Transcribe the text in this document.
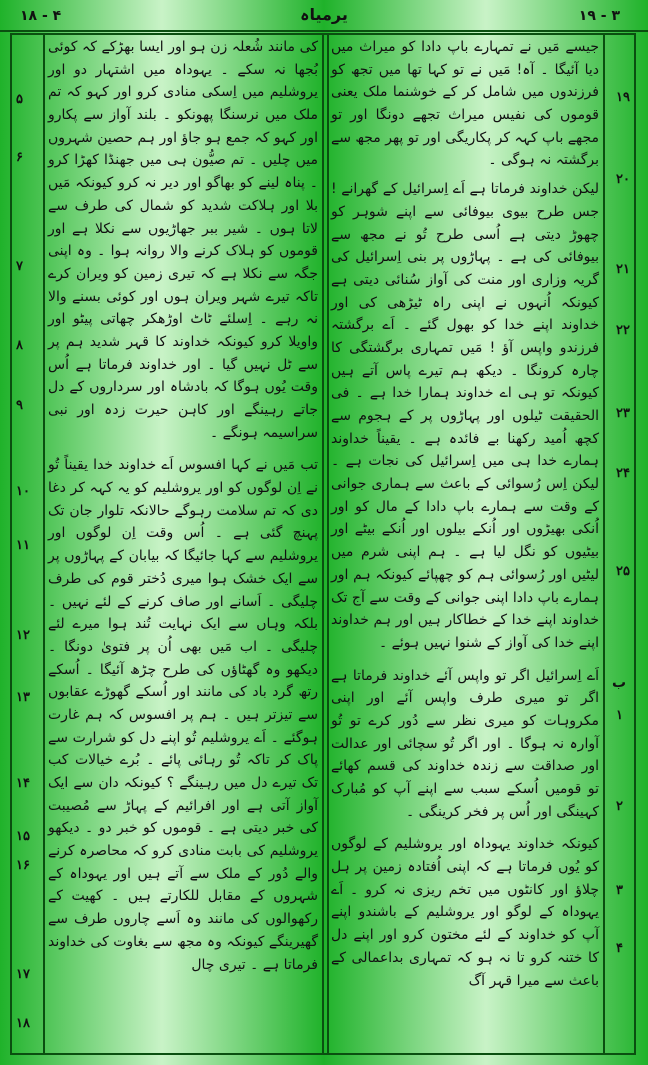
۱۸ - ۴	یرمیاہ	۱۹ - ۳

جیسے مَیں نے تمہارے باپ دادا کو میراث میں دیا آئیگا ۔ آہ! مَیں نے تو کہا تھا میں تجھ کو فرزندوں میں شامل کر کے خوشنما ملک یعنی قوموں کی نفیس میراث تجھے دونگا اور تو مجھے باپ کہہ کر پکاریگی اور تو پھر مجھ سے برگشتہ نہ ہوگی ۔

لیکن خداوند فرماتا ہے اَے اِسرائیل کے گھرانے ! جس طرح بیوی بیوفائی سے اپنے شوہر کو چھوڑ دیتی ہے اُسی طرح تُو نے مجھ سے بیوفائی کی ہے ۔ پہاڑوں پر بنی اِسرائیل کی گریہ وزاری اور منت کی آواز سُنائی دیتی ہے کیونکہ اُنہوں نے اپنی راہ ٹیڑھی کی اور خداوند اپنے خدا کو بھول گئے ۔ اَے برگشتہ فرزندو واپس آؤ ! مَیں تمہاری برگشتگی کا چارہ کرونگا ۔ دیکھ ہم تیرے پاس آتے ہیں کیونکہ تو ہی اے خداوند ہمارا خدا ہے ۔ فی الحقیقت ٹیلوں اور پہاڑوں پر کے ہجوم سے کچھ اُمید رکھنا بے فائدہ ہے ۔ یقیناً خداوند ہمارے خدا ہی میں اِسرائیل کی نجات ہے ۔ لیکن اِس رُسوائی کے باعث سے ہماری جوانی کے وقت سے ہمارے باپ دادا کے مال کو اور اُنکی بھیڑوں اور اُنکے بیلوں اور اُنکے بیٹے اور بیٹیوں کو نگل لیا ہے ۔ ہم اپنی شرم میں لیٹیں اور رُسوائی ہم کو چھپائے کیونکہ ہم اور ہمارے باپ دادا اپنی جوانی کے وقت سے آج تک خداوند اپنے خدا کے خطاکار ہیں اور ہم خداوند اپنے خدا کی آواز کے شنوا نہیں ہوئے ۔

اَے اِسرائیل اگر تو واپس آئے خداوند فرماتا ہے اگر تو میری طرف واپس آئے اور اپنی مکروہات کو میری نظر سے دُور کرے تو تُو آوارہ نہ ہوگا ۔ اور اگر تُو سچائی اور عدالت اور صداقت سے زندہ خداوند کی قسم کھائے تو قومیں اُسکے سبب سے اپنے آپ کو مُبارک کہینگی اور اُس پر فخر کرینگی ۔

کیونکہ خداوند یہوداہ اور یروشلیم کے لوگوں کو یُوں فرماتا ہے کہ اپنی اُفتادہ زمین پر ہل چلاؤ اور کانٹوں میں تخم ریزی نہ کرو ۔ اَے یہوداہ کے لوگو اور یروشلیم کے باشندو اپنے آپ کو خداوند کے لئے مختون کرو اور اپنے دل کا ختنہ کرو تا نہ ہو کہ تمہاری بداعمالی کے باعث سے میرا قہر آگ

کی مانند شُعلہ زن ہو اور ایسا بھڑکے کہ کوئی بُجھا نہ سکے ۔ یہوداہ میں اشتہار دو اور یروشلیم میں اِسکی منادی کرو اور کہو کہ تم ملک میں نرسنگا پھونکو ۔ بلند آواز سے پکارو اور کہو کہ جمع ہو جاؤ اور ہم حصین شہروں میں چلیں ۔ تم صیُّون ہی میں جھنڈا کھڑا کرو ۔ پناہ لینے کو بھاگو اور دیر نہ کرو کیونکہ مَیں بلا اور ہلاکت شدید کو شمال کی طرف سے لاتا ہوں ۔ شیر ببر جھاڑیوں سے نکلا ہے اور قوموں کو ہلاک کرنے والا روانہ ہوا ۔ وہ اپنی جگہ سے نکلا ہے کہ تیری زمین کو ویران کرے تاکہ تیرے شہر ویران ہوں اور کوئی بسنے والا نہ رہے ۔ اِسلئے ٹاٹ اوڑھکر چھاتی پیٹو اور واویلا کرو کیونکہ خداوند کا قہر شدید ہم پر سے ٹل نہیں گیا ۔ اور خداوند فرماتا ہے اُس وقت یُوں ہوگا کہ بادشاہ اور سرداروں کے دل جاتے رہینگے اور کاہن حیرت زدہ اور نبی سراسیمہ ہونگے ۔

تب مَیں نے کہا افسوس اَے خداوند خدا یقیناً تُو نے اِن لوگوں کو اور یروشلیم کو یہ کہہ کر دغا دی کہ تم سلامت رہوگے حالانکہ تلوار جان تک پہنچ گئی ہے ۔ اُس وقت اِن لوگوں اور یروشلیم سے کہا جائیگا کہ بیابان کے پہاڑوں پر سے ایک خشک ہوا میری دُختر قوم کی طرف چلیگی ۔ اَسانے اور صاف کرنے کے لئے نہیں ۔ بلکہ وہاں سے ایک نہایت تُند ہوا میرے لئے چلیگی ۔ اب مَیں بھی اُن پر فتویٰ دونگا ۔ دیکھو وہ گھٹاؤں کی طرح چڑھ آئیگا ۔ اُسکے رتھ گرد باد کی مانند اور اُسکے گھوڑے عقابوں سے تیزتر ہیں ۔ ہم پر افسوس کہ ہم غارت ہوگئے ۔ اَے یروشلیم تُو اپنے دل کو شرارت سے پاک کر تاکہ تُو رہائی پائے ۔ بُرے خیالات کب تک تیرے دل میں رہینگے ؟ کیونکہ دان سے ایک آواز آتی ہے اور افرائیم کے پہاڑ سے مُصیبت کی خبر دیتی ہے ۔ قوموں کو خبر دو ۔ دیکھو یروشلیم کی بابت منادی کرو کہ محاصرہ کرنے والے دُور کے ملک سے آتے ہیں اور یہوداہ کے شہروں کے مقابل للکارتے ہیں ۔ کھیت کے رکھوالوں کی مانند وہ اَسے چاروں طرف سے گھیرینگے کیونکہ وہ مجھ سے بغاوت کی خداوند فرماتا ہے ۔ تیری چال

۱۹
۲۰
۲۱
۲۲
۲۳
۲۴
۲۵
ب
۱
۲
۳
۴
۵
۶
۷
۸
۹
۱۰
۱۱
۱۲
۱۳
۱۴
۱۵
۱۶
۱۷
۱۸
